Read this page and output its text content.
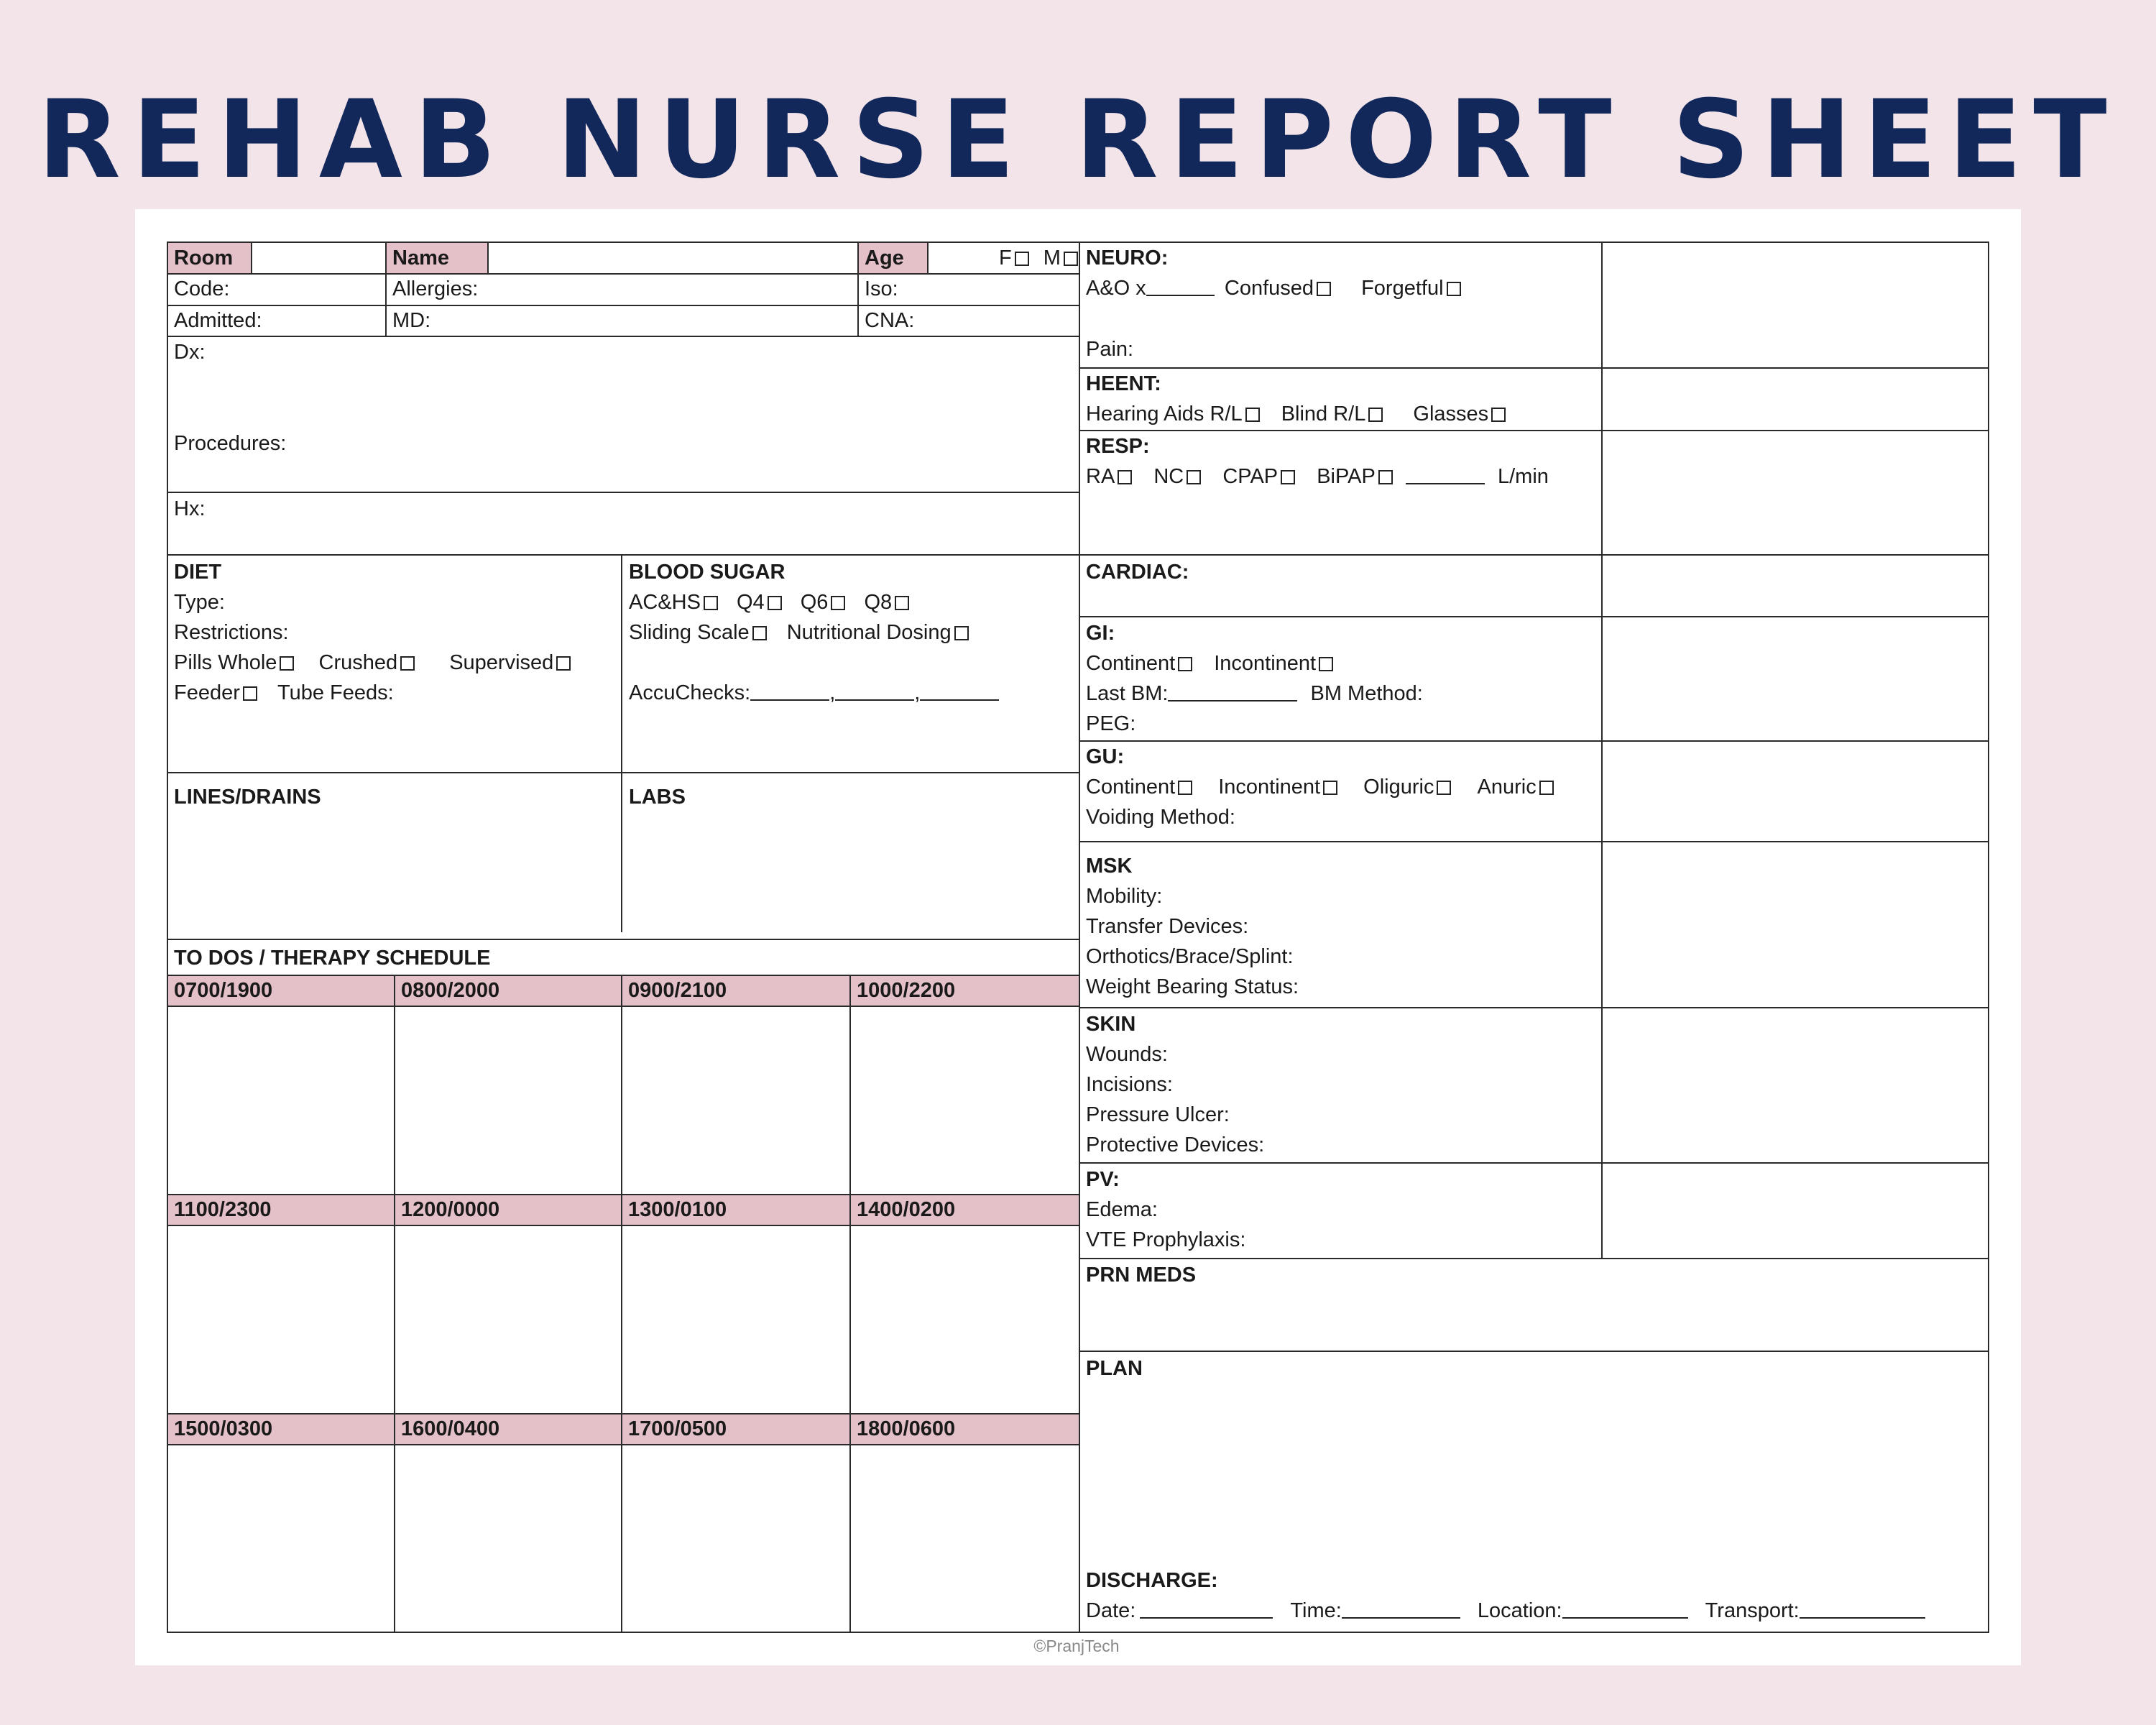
REHAB NURSE REPORT SHEET
Room	Name	Age	F M
Code:	Allergies:	Iso:
Admitted:	MD:	CNA:
Dx:
Procedures:
Hx:
DIET
Type:
Restrictions:
Pills Whole Crushed Supervised
Feeder Tube Feeds:
BLOOD SUGAR
AC&HS Q4 Q6 Q8
Sliding Scale Nutritional Dosing
AccuChecks:	,	,
LINES/DRAINS	LABS
TO DOS / THERAPY SCHEDULE
0700/1900	0800/2000	0900/2100	1000/2200
1100/2300	1200/0000	1300/0100	1400/0200
1500/0300	1600/0400	1700/0500	1800/0600
NEURO:
A&O x	Confused Forgetful
Pain:
HEENT:
Hearing Aids R/L Blind R/L Glasses
RESP:
RA NC CPAP BiPAP	L/min
CARDIAC:
GI:
Continent Incontinent
Last BM:	BM Method:
PEG:
GU:
Continent Incontinent Oliguric Anuric
Voiding Method:
MSK
Mobility:
Transfer Devices:
Orthotics/Brace/Splint:
Weight Bearing Status:
SKIN
Wounds:
Incisions:
Pressure Ulcer:
Protective Devices:
PV:
Edema:
VTE Prophylaxis:
PRN MEDS
PLAN
DISCHARGE:
Date:	Time:	Location:	Transport:
©PranjTech
